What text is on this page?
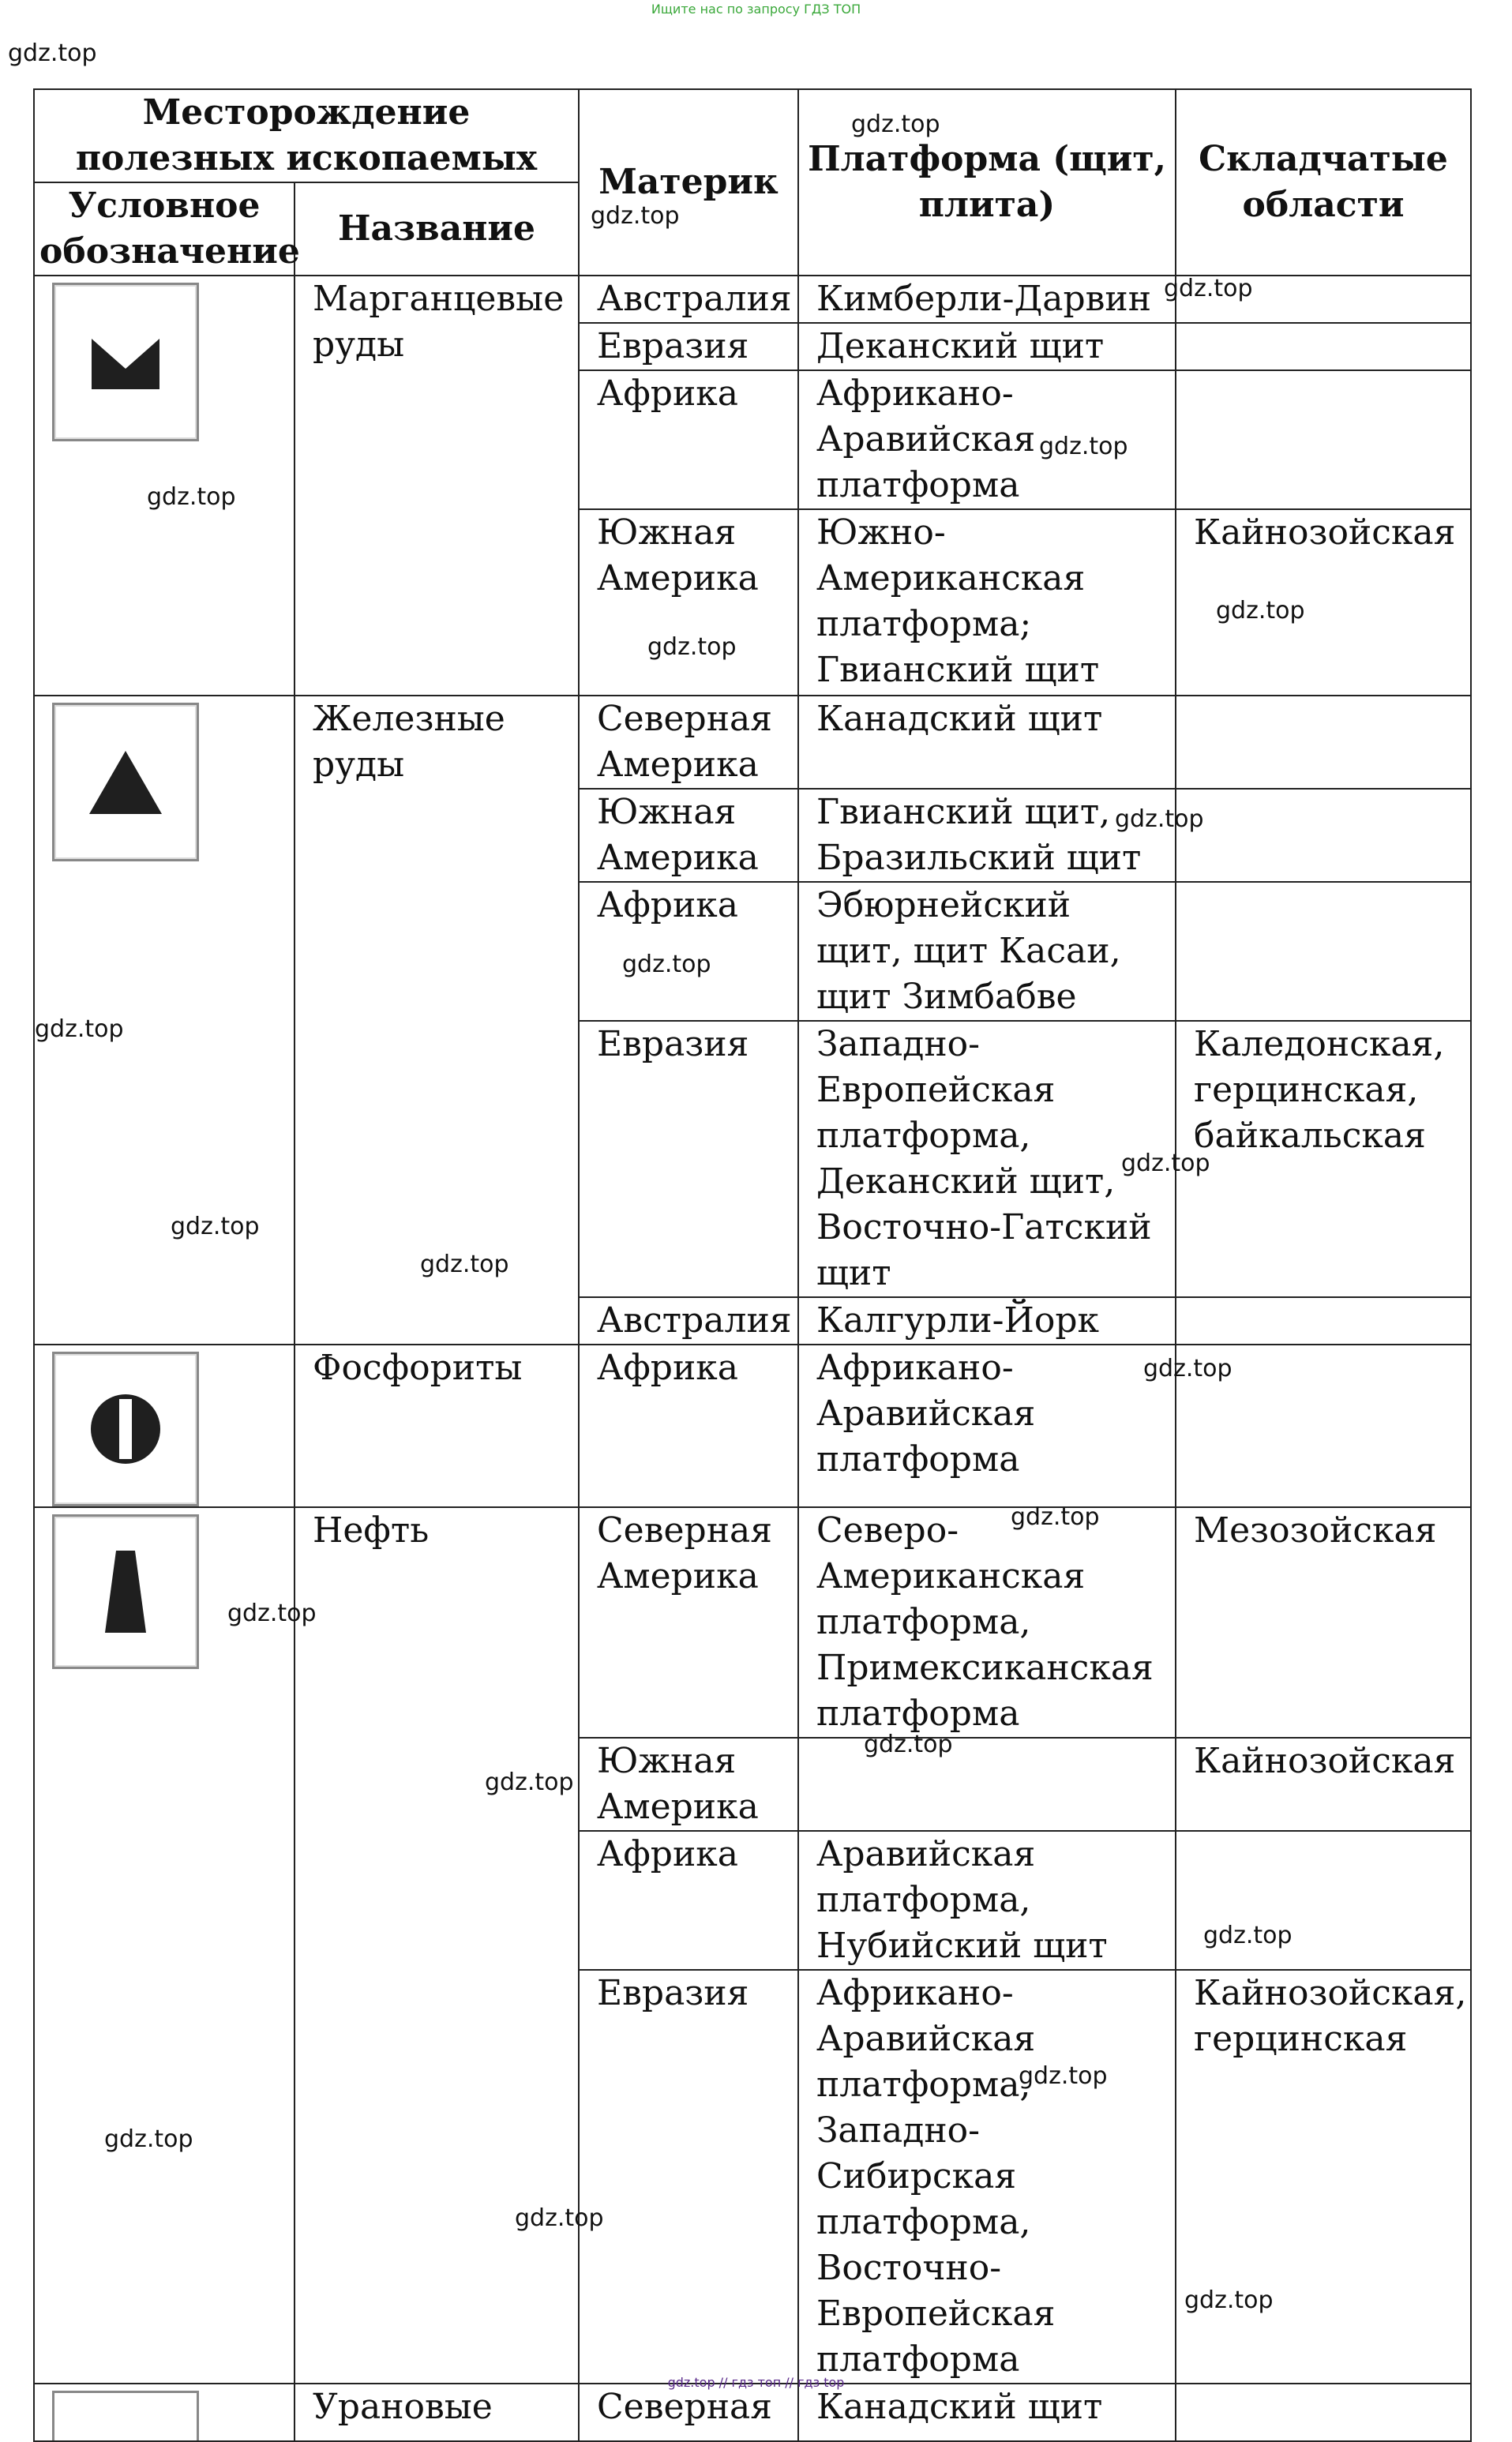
Ищите нас по запросу ГДЗ ТОП
gdz.top
Месторождение полезных ископаемых		Материк	Платформа (щит, плита)	Складчатые области
Условное обозначение	Название			

	Марганцевые руды	Австралия	Кимберли-Дарвин	
		Евразия	Деканский щит	
		Африка	Африкано-Аравийская платформа	
		Южная Америка	Южно-Американская платформа; Гвианский щит	Кайнозойская

	Железные руды	Северная Америка	Канадский щит	
		Южная Америка	Гвианский щит, Бразильский щит	
		Африка	Эбюрнейский щит, щит Касаи, щит Зимбабве	
		Евразия	Западно-Европейская платформа, Деканский щит, Восточно-Гатский щит	Каледонская, герцинская, байкальская
		Австралия	Калгурли-Йорк	

	Фосфориты	Африка	Африкано-Аравийская платформа	

	Нефть	Северная Америка	Северо-Американская платформа, Примексиканская платформа	Мезозойская
		Южная Америка		Кайнозойская
		Африка	Аравийская платформа, Нубийский щит	
		Евразия	Африкано-Аравийская платформа, Западно-Сибирская платформа, Восточно-Европейская платформа	Кайнозойская, герцинская

	Урановые	Северная	Канадский щит	
gdz.top
gdz.top
gdz.top
gdz.top
gdz.top
gdz.top
gdz.top
gdz.top
gdz.top
gdz.top
gdz.top
gdz.top
gdz.top
gdz.top
gdz.top
gdz.top
gdz.top
gdz.top
gdz.top
gdz.top
gdz.top
gdz.top
gdz.top
gdz.top // гдз топ // гдз top
